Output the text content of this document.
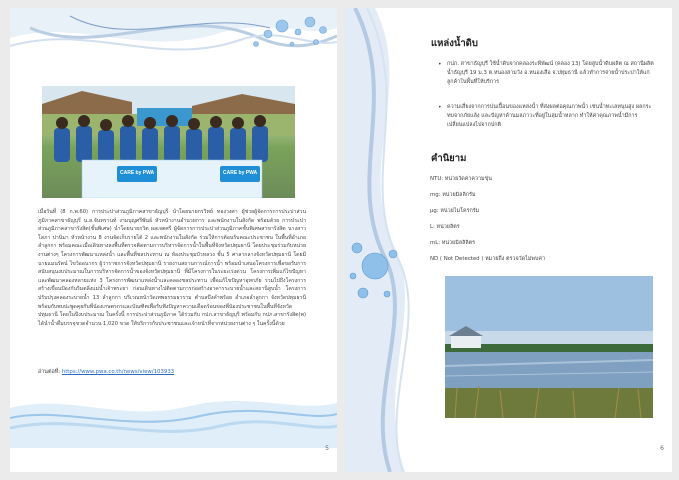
CARE by PWA	CARE by PWA

เมื่อวันที่ (8 ก.พ.60) การประปาส่วนภูมิภาคสาขาธัญบุรี นำโดยนายกรวิทย์ ทองวงศา ผู้ช่วยผู้จัดการการประปาส่วนภูมิภาคสาขาธัญบุรี น.ส.จันทรานท์ งามบุญศรีพันธ์ หัวหน้างานอำนวยการ และพนักงานในสังกัด พร้อมด้วย การประปาส่วนภูมิภาคสาขารังสิต(ชั้นพิเศษ) นำโดยนายกวิต ผลเจตศรี ผู้จัดการการประปาส่วนภูมิภาคชั้นพิเศษสาขารังสิต นางสาวโสภา ปานิมา หัวหน้างาน 8 งานจัดเก็บรายได้ 2 และพนักงานในสังกัด ร่วมให้การต้อนรับคณะประชาชน ในพื้นที่อำเภอลำลูกกา พร้อมคณะเมื่อเดินทางลงพื้นที่ตรวจติดตามการบริหารจัดการน้ำในพื้นที่จังหวัดปทุมธานี โดยประชุมร่วมกับหน่วยงานต่างๆ โครงการพัฒนาแหล่งน้ำ และพื้นที่ชลประทาน ณ ห้องประชุมบัวหลวง ชั้น 5 ศาลากลางจังหวัดปทุมธานี โดยมี นายแมนรัตน์ ไขว้ออนากร ผู้ว่าราชการจังหวัดปทุมธานี รายงานสถานการณ์การน้ำ พร้อมนำเสนอโครงการเพื่อขอรับการสนับสนุนงบประมาณในการบริหารจัดการน้ำของจังหวัดปทุมธานี ที่มีโครงการในระยะเร่งด่วน โครงการเพิ่มแก้ไขปัญหาและพัฒนาคลองหลายแห่ง 3 โครงการพัฒนาแหล่งน้ำและคลองชลประทาน เพื่อแก้ไขปัญหาอุทกภัย รวมไปถึงโครงการสร้างเขื่อนป้องกันริมตลิ่งแม่น้ำเจ้าพระยา ก่อนเดินทางไปติดตามการก่อสร้างอาคารระบายน้ำและสถานีสูบน้ำ โครงการปรับปรุงคลองระบายน้ำ 13 ลำลูกกา บริเวณหน้าวัดเทพธรรมธาราม ตำบลบึงคำพร้อย อำเภอลำลูกกา จังหวัดปทุมธานี พร้อมกับพบปะพูดคุยกับพี่น้องเกษตรกรและบัณฑิตเพื่อรับฟังปัญหาความเดือดร้อนของพี่น้องประชาชนในพื้นที่จังหวัดปทุมธานี โดยในปีงบประมาณ ในครั้งนี้ การประปาส่วนภูมิภาค ได้ร่วมกับ กปภ.สาขาธัญบุรี พร้อมกับ กปภ.สาขารังสิต(พ) ได้นำน้ำดื่มบรรจุขวดจำนวน 1,020 ขวด ให้บริการกับประชาชนและเจ้าหน้าที่จากหน่วยงานต่าง ๆ ในครั้งนี้ด้วย

อ่านต่อที่: https://www.pwa.co.th/news/view/103933
5
แหล่งน้ำดิบ
• กปภ. สาขาธัญบุรี ใช้น้ำดิบจากคลองระพีพัฒน์ (คลอง 13) โดยสูบน้ำดิบผลิต ณ สถานีผลิตน้ำธัญบุรี 19 ม.3 ต.หนองสามวัง อ.หนองเสือ จ.ปทุมธานี แล้วทำการจ่ายน้ำประปาให้แก่ลูกค้าในพื้นที่ให้บริการ
• ความเสี่ยงจากการปนเปื้อนของแหล่งน้ำ ที่ส่งผลต่อคุณภาพน้ำ เช่นน้ำทะเลหนุนสูง ผลกระทบจากภัยแล้ง และปัญหาด้านมลภาวะที่อยู่ในลุ่มน้ำหลาก ทำให้ค่าคุณภาพน้ำมีการเปลี่ยนแปลงไปจากปกติ
คำนิยาม
NTU: หน่วยวัดค่าความขุ่น
mg: หน่วยมิลลิกรัม
µg: หน่วยไมโครกรัม
L: หน่วยลิตร
mL: หน่วยมิลลิลิตร
ND ( Not Detected ) หมายถึง ตรวจวัดไม่พบค่า
6
